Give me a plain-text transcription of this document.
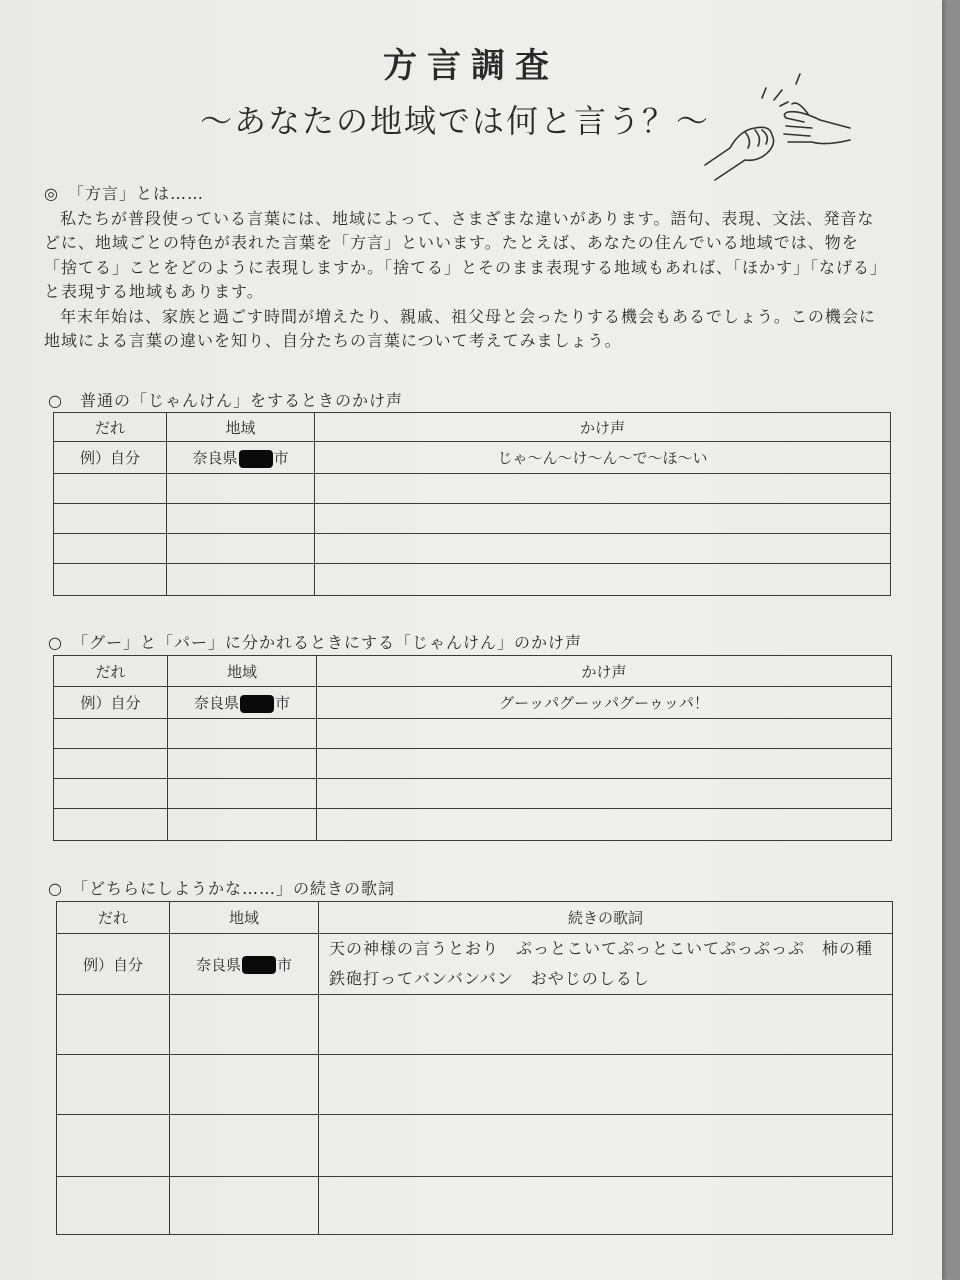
方言調査
～あなたの地域では何と言う？～

◎　「方言」とは……

私たちが普段使っている言葉には、地域によって、さまざまな違いがあります。語句、表現、文法、発音な

どに、地域ごとの特色が表れた言葉を「方言」といいます。たとえば、あなたの住んでいる地域では、物を

「捨てる」ことをどのように表現しますか。「捨てる」とそのまま表現する地域もあれば、「ほかす」「なげる」

と表現する地域もあります。

年末年始は、家族と過ごす時間が増えたり、親戚、祖父母と会ったりする機会もあるでしょう。この機会に

地域による言葉の違いを知り、自分たちの言葉について考えてみましょう。

○　普通の「じゃんけん」をするときのかけ声
だれ	地域	かけ声
例）自分	奈良県 市	じゃ～ん～け～ん～で～ほ～い

○　「グー」と「パー」に分かれるときにする「じゃんけん」のかけ声
だれ	地域	かけ声
例）自分	奈良県 市	グーッパグーッパグーゥッパ！

○　「どちらにしようかな……」の続きの歌詞
だれ	地域	続きの歌詞
例）自分	奈良県 市	天の神様の言うとおり　ぷっとこいてぷっとこいてぷっぷっぷ　柿の種
鉄砲打ってバンバンバン　おやじのしるし
